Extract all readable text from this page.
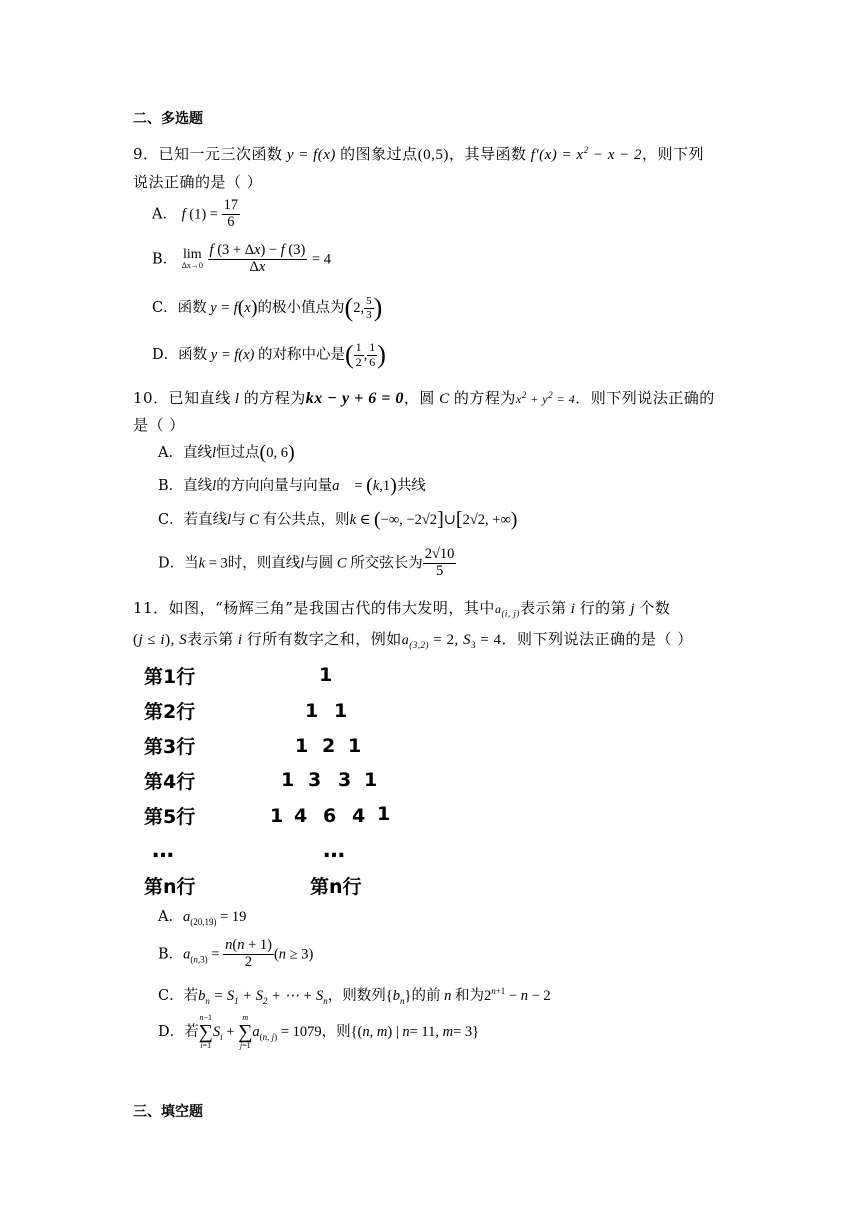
二、多选题
9．已知一元三次函数 y = f(x) 的图象过点(0,5)，其导函数 $f'(x) = x^2 - x - 2$，则下列
说法正确的是（ ）
A． f $(1) = \frac{17}{6}$
B． lim
Δx→0
$\frac{f (3 + \Delta x) - f (3)}{\Delta x} = 4$
C．函数 y = f(x)的极小值点为(2, $\frac{5}{3}$ )
D．函数 y = f(x) 的对称中心是( $\frac{1}{2}$ , $\frac{1}{6}$ )
10．已知直线 l 的方程为kx − y + 6 = 0，圆 C 的方程为$x^2 + y^2 = 4$．则下列说法正确的
是（ ）
A．直线l恒过点(0, 6)
B．直线l的方向向量与向量a⃗ = (k,1)共线
C．若直线l与 C 有公共点，则k ∈ (−∞, −2√2]∪[2√2, +∞)
D．当k = 3时，则直线l与圆 C 所交弦长为 $\frac{2√10}{5}$
11．如图，“杨辉三角”是我国古代的伟大发明，其中$a_{(i, j)}$表示第 i 行的第 j 个数
(j ≤ i), S表示第 i 行所有数字之和，例如$a_{(3,2)} = 2$, $S_3 = 4$．则下列说法正确的是（ ）
第1行	1
第2行	1 1
第3行	1 2 1
第4行	1 3 3 1
第5行	1 4 6 4 1
…	…
第n行	第n行
A．$a_{(20,19)} = 19$
B．$a_{(n,3)} = \frac{n(n + 1)}{2} (n \ge 3)$
C．若$b_n = S_1 + S_2$ + ⋯ + $S_n$，则数列$\{b_n\}$的前 n 和为$2^{n+1} - n - 2$
D．若
n−1
∑
i=1
$S_i$ +
m
∑
j=1
$a_{(n, j)} = 1079$，则{(n, m) | n= 11, m= 3}
三、填空题
